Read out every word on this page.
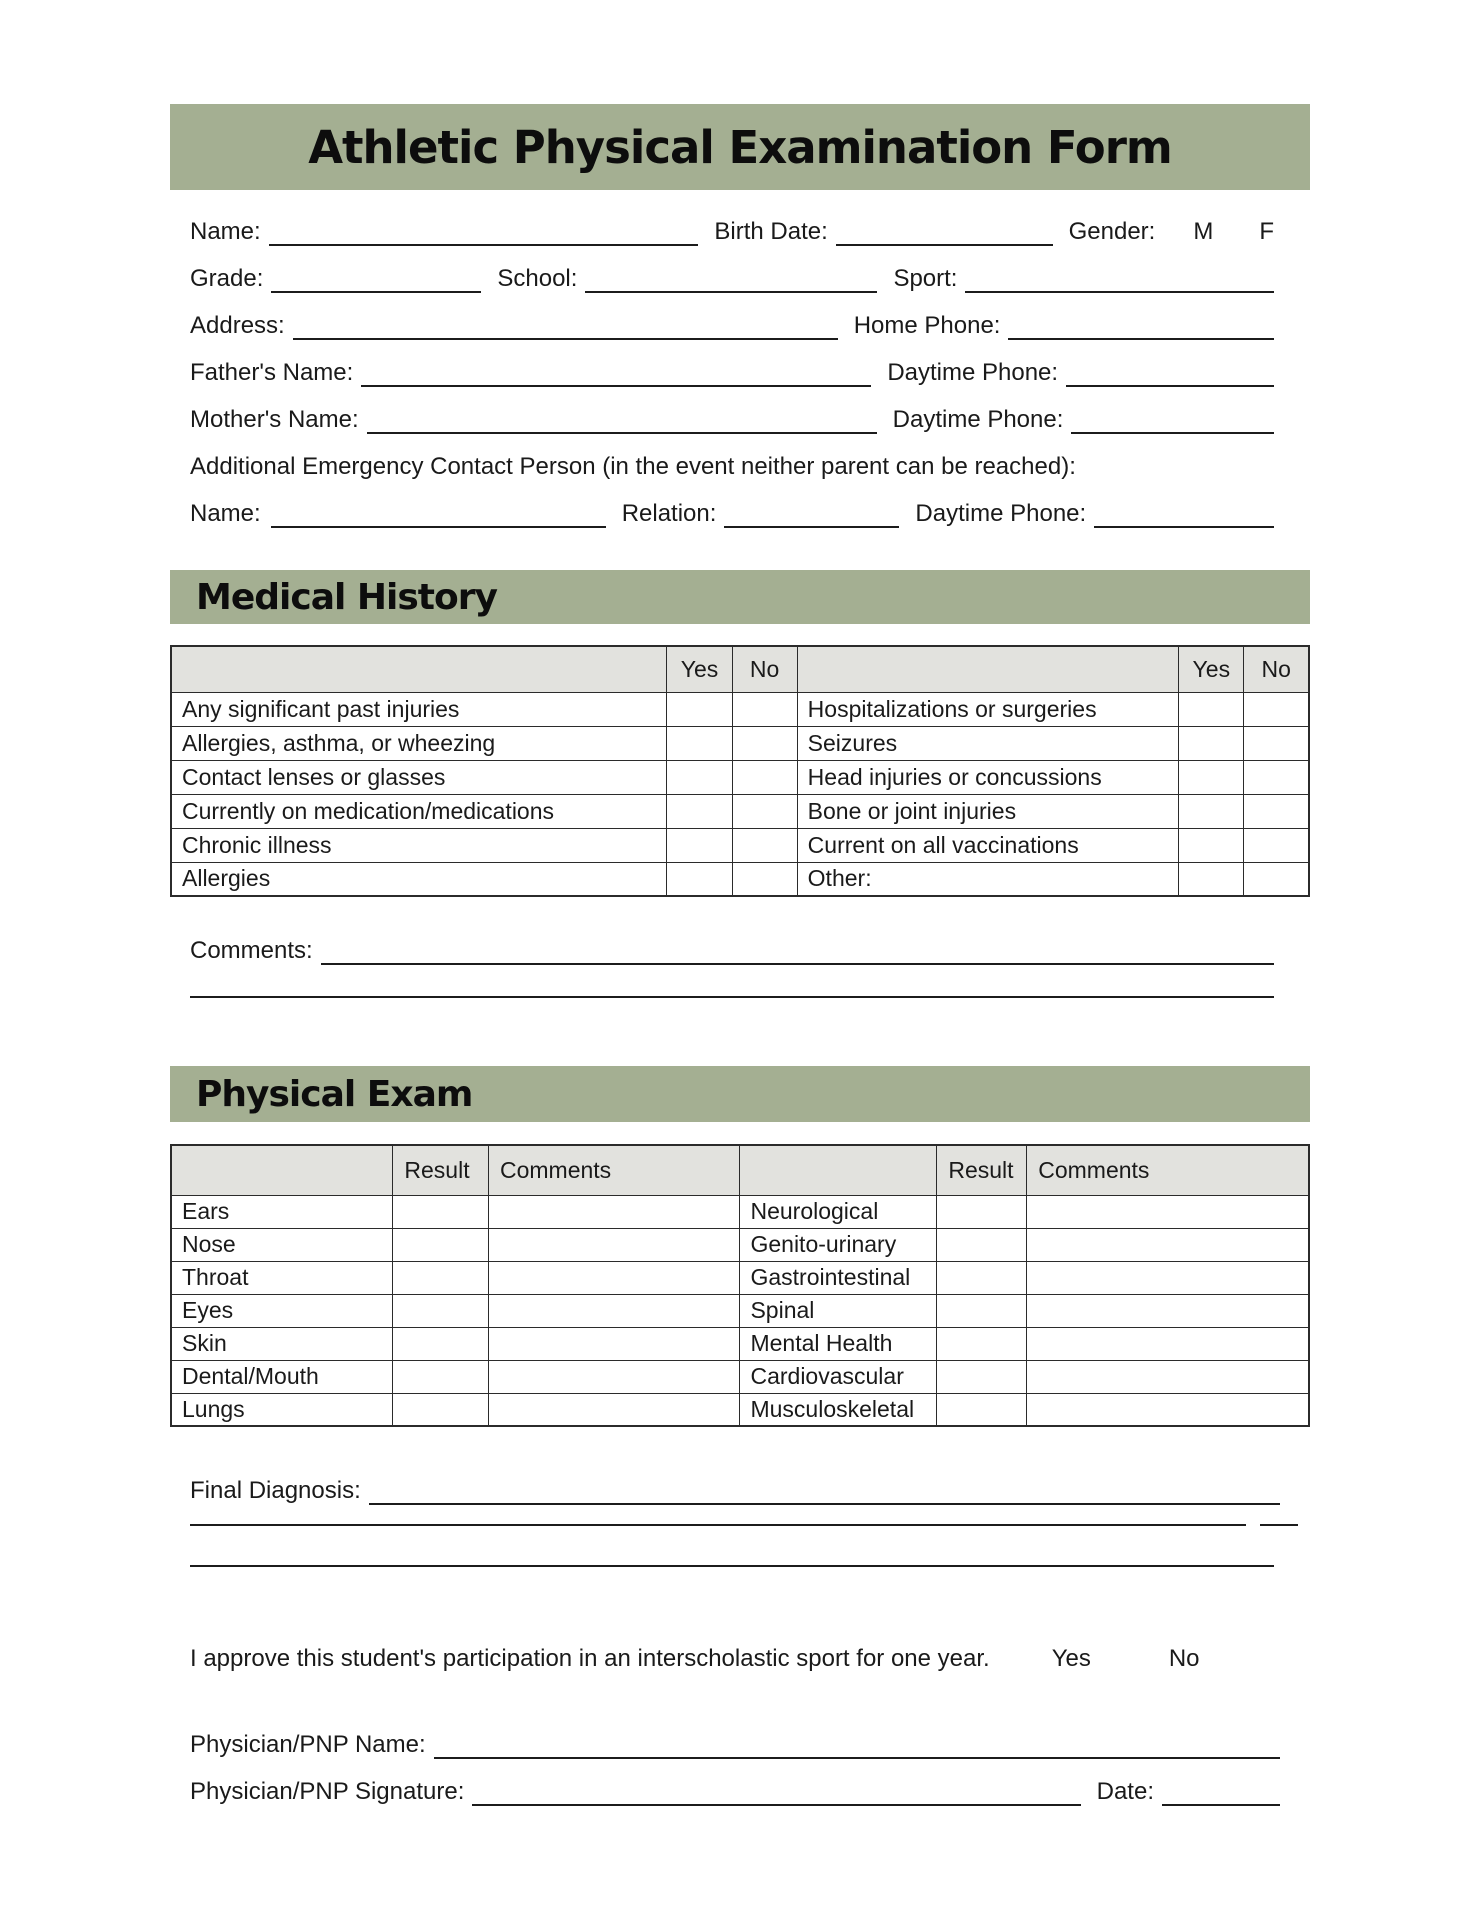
Athletic Physical Examination Form
Name:	Birth Date:	Gender: M F
Grade:	School:	Sport:
Address:	Home Phone:
Father's Name:	Daytime Phone:
Mother's Name:	Daytime Phone:
Additional Emergency Contact Person (in the event neither parent can be reached):
Name:	Relation:	Daytime Phone:
Medical History
	Yes	No		Yes	No
Any significant past injuries			Hospitalizations or surgeries		
Allergies, asthma, or wheezing			Seizures		
Contact lenses or glasses			Head injuries or concussions		
Currently on medication/medications			Bone or joint injuries		
Chronic illness			Current on all vaccinations		
Allergies			Other:		
Comments:
Physical Exam
	Result	Comments		Result	Comments
Ears			Neurological		
Nose			Genito-urinary		
Throat			Gastrointestinal		
Eyes			Spinal		
Skin			Mental Health		
Dental/Mouth			Cardiovascular		
Lungs			Musculoskeletal		
Final Diagnosis:
I approve this student's participation in an interscholastic sport for one year.	Yes	No
Physician/PNP Name:
Physician/PNP Signature:	Date:
